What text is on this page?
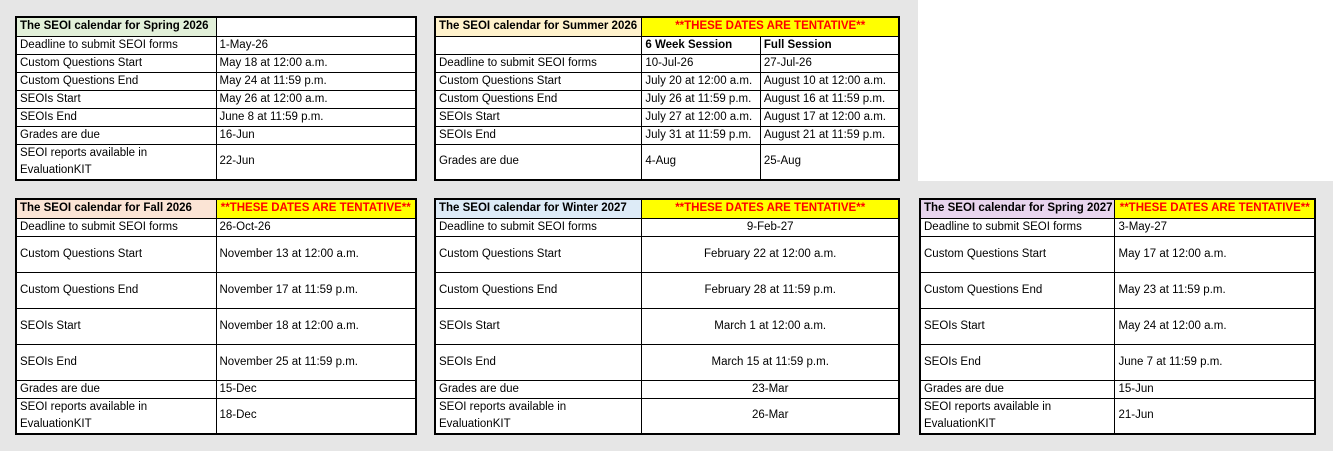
The SEOI calendar for Spring 2026	
Deadline to submit SEOI forms	1-May-26
Custom Questions Start	May 18 at 12:00 a.m.
Custom Questions End	May 24 at 11:59 p.m.
SEOIs Start	May 26 at 12:00 a.m.
SEOIs End	June 8 at 11:59 p.m.
Grades are due	16-Jun
SEOI reports available in EvaluationKIT	22-Jun
The SEOI calendar for Summer 2026	**THESE DATES ARE TENTATIVE**	
	6 Week Session	Full Session
Deadline to submit SEOI forms	10-Jul-26	27-Jul-26
Custom Questions Start	July 20 at 12:00 a.m.	August 10 at 12:00 a.m.
Custom Questions End	July 26 at 11:59 p.m.	August 16 at 11:59 p.m.
SEOIs Start	July 27 at 12:00 a.m.	August 17 at 12:00 a.m.
SEOIs End	July 31 at 11:59 p.m.	August 21 at 11:59 p.m.
Grades are due	4-Aug	25-Aug
The SEOI calendar for Fall 2026	**THESE DATES ARE TENTATIVE**
Deadline to submit SEOI forms	26-Oct-26
Custom Questions Start	November 13 at 12:00 a.m.
Custom Questions End	November 17 at 11:59 p.m.
SEOIs Start	November 18 at 12:00 a.m.
SEOIs End	November 25 at 11:59 p.m.
Grades are due	15-Dec
SEOI reports available in EvaluationKIT	18-Dec
The SEOI calendar for Winter 2027	**THESE DATES ARE TENTATIVE**
Deadline to submit SEOI forms	9-Feb-27
Custom Questions Start	February 22 at 12:00 a.m.
Custom Questions End	February 28 at 11:59 p.m.
SEOIs Start	March 1 at 12:00 a.m.
SEOIs End	March 15 at 11:59 p.m.
Grades are due	23-Mar
SEOI reports available in EvaluationKIT	26-Mar
The SEOI calendar for Spring 2027	**THESE DATES ARE TENTATIVE**
Deadline to submit SEOI forms	3-May-27
Custom Questions Start	May 17 at 12:00 a.m.
Custom Questions End	May 23 at 11:59 p.m.
SEOIs Start	May 24 at 12:00 a.m.
SEOIs End	June 7 at 11:59 p.m.
Grades are due	15-Jun
SEOI reports available in EvaluationKIT	21-Jun
